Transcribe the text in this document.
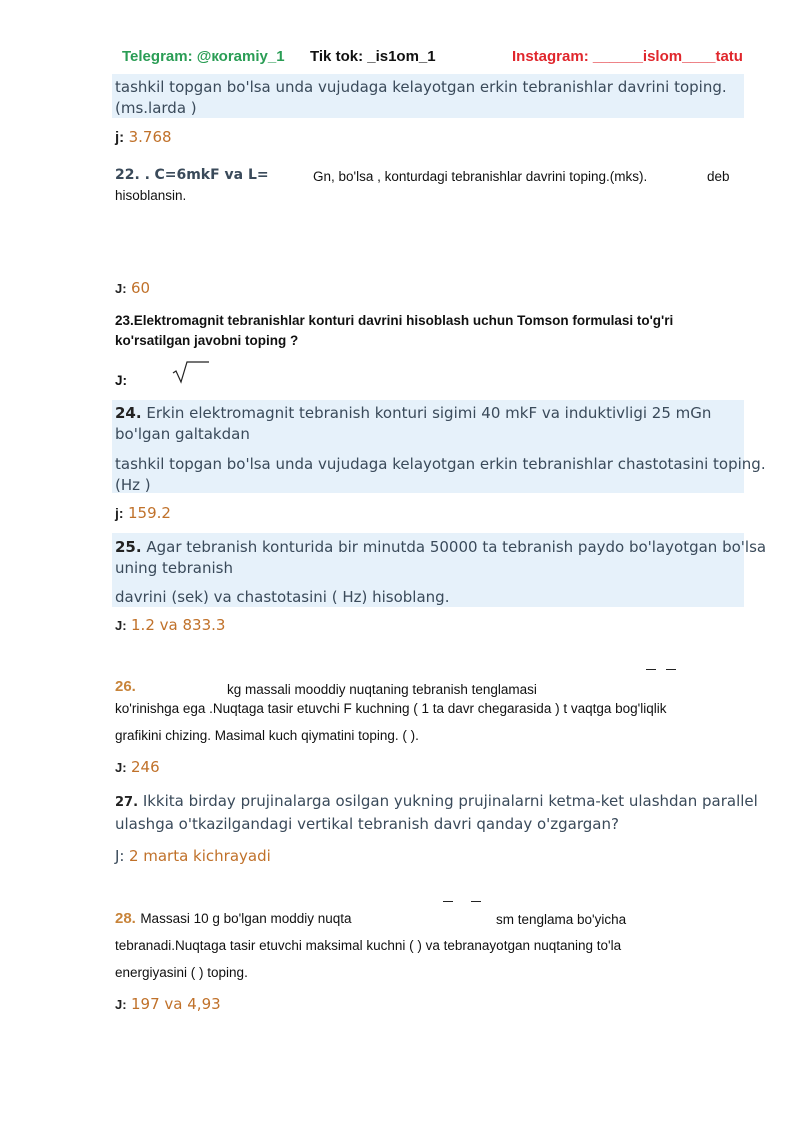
Telegram: @коramiy_1 Tik tok: _is1om_1	Instagram: ______islom____tatu
tashkil topgan bo'lsa unda vujudaga kelayotgan erkin tebranishlar davrini toping.
(ms.larda )
j: 3.768
22. . C=6mkF va L=	Gn, bo'lsa , konturdagi tebranishlar davrini toping.(mks).	deb
hisoblansin.
J: 60
23.Elektromagnit tebranishlar konturi davrini hisoblash uchun Tomson formulasi to'g'ri
ko'rsatilgan javobni toping ?
J:
24. Erkin elektromagnit tebranish konturi sigimi 40 mkF va induktivligi 25 mGn
bo'lgan galtakdan
tashkil topgan bo'lsa unda vujudaga kelayotgan erkin tebranishlar chastotasini toping.
(Hz )
j: 159.2
25. Agar tebranish konturida bir minutda 50000 ta tebranish paydo bo'layotgan bo'lsa
uning tebranish
davrini (sek) va chastotasini ( Hz) hisoblang.
J: 1.2 va 833.3
26.	kg massali mooddiy nuqtaning tebranish tenglamasi
ko'rinishga ega .Nuqtaga tasir etuvchi F kuchning ( 1 ta davr chegarasida ) t vaqtga bog'liqlik
grafikini chizing. Masimal kuch qiymatini toping. ( ).
J: 246
27. Ikkita birday prujinalarga osilgan yukning prujinalarni ketma-ket ulashdan parallel
ulashga o'tkazilgandagi vertikal tebranish davri qanday o'zgargan?
J: 2 marta kichrayadi
28. Massasi 10 g bo'lgan moddiy nuqta	sm tenglama bo'yicha
tebranadi.Nuqtaga tasir etuvchi maksimal kuchni ( ) va tebranayotgan nuqtaning to'la
energiyasini ( ) toping.
J: 197 va 4,93
